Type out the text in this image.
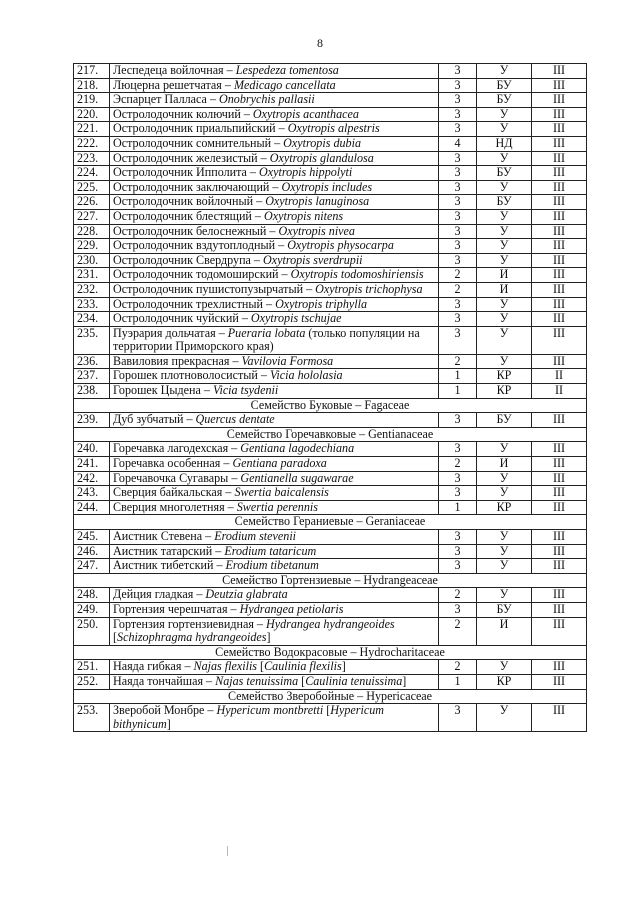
8
217.	Леспедеца войлочная – Lespedeza tomentosa	3	У	III
218.	Люцерна решетчатая – Medicago cancellata	3	БУ	III
219.	Эспарцет Палласа – Onobrychis pallasii	3	БУ	III
220.	Остролодочник колючий – Oxytropis acanthacea	3	У	III
221.	Остролодочник приальпийский – Oxytropis alpestris	3	У	III
222.	Остролодочник сомнительный – Oxytropis dubia	4	НД	III
223.	Остролодочник железистый – Oxytropis glandulosa	3	У	III
224.	Остролодочник Ипполита – Oxytropis hippolyti	3	БУ	III
225.	Остролодочник заключающий – Oxytropis includes	3	У	III
226.	Остролодочник войлочный – Oxytropis lanuginosa	3	БУ	III
227.	Остролодочник блестящий – Oxytropis nitens	3	У	III
228.	Остролодочник белоснежный – Oxytropis nivea	3	У	III
229.	Остролодочник вздутоплодный – Oxytropis physocarpa	3	У	III
230.	Остролодочник Свердрупа – Oxytropis sverdrupii	3	У	III
231.	Остролодочник тодомоширский – Oxytropis todomoshiriensis	2	И	III
232.	Остролодочник пушистопузырчатый – Oxytropis trichophysa	2	И	III
233.	Остролодочник трехлистный – Oxytropis triphylla	3	У	III
234.	Остролодочник чуйский – Oxytropis tschujae	3	У	III
235.	Пуэрария дольчатая – Pueraria lobata (только популяции на территории Приморского края)	3	У	III
236.	Вавиловия прекрасная – Vavilovia Formosa	2	У	III
237.	Горошек плотноволосистый – Vicia hololasia	1	КР	II
238.	Горошек Цыдена – Vicia tsydenii	1	КР	II
Семейство Буковые – Fagaceae				
239.	Дуб зубчатый – Quercus dentate	3	БУ	III
Семейство Горечавковые – Gentianaceae				
240.	Горечавка лагодехская – Gentiana lagodechiana	3	У	III
241.	Горечавка особенная – Gentiana paradoxa	2	И	III
242.	Горечавочка Сугавары – Gentianella sugawarae	3	У	III
243.	Сверция байкальская – Swertia baicalensis	3	У	III
244.	Сверция многолетняя – Swertia perennis	1	КР	III
Семейство Гераниевые – Geraniaceae				
245.	Аистник Стевена – Erodium stevenii	3	У	III
246.	Аистник татарский – Erodium tataricum	3	У	III
247.	Аистник тибетский – Erodium tibetanum	3	У	III
Семейство Гортензиевые – Hydrangeaceae				
248.	Дейция гладкая – Deutzia glabrata	2	У	III
249.	Гортензия черешчатая – Hydrangea petiolaris	3	БУ	III
250.	Гортензия гортензиевидная – Hydrangea hydrangeoides [Schizophragma hydrangeoides]	2	И	III
Семейство Водокрасовые – Hydrocharitaceae				
251.	Наяда гибкая – Najas flexilis [Caulinia flexilis]	2	У	III
252.	Наяда тончайшая – Najas tenuissima [Caulinia tenuissima]	1	КР	III
Семейство Зверобойные – Hypericaceae				
253.	Зверобой Монбре – Hypericum montbretti [Hypericum bithynicum]	3	У	III
